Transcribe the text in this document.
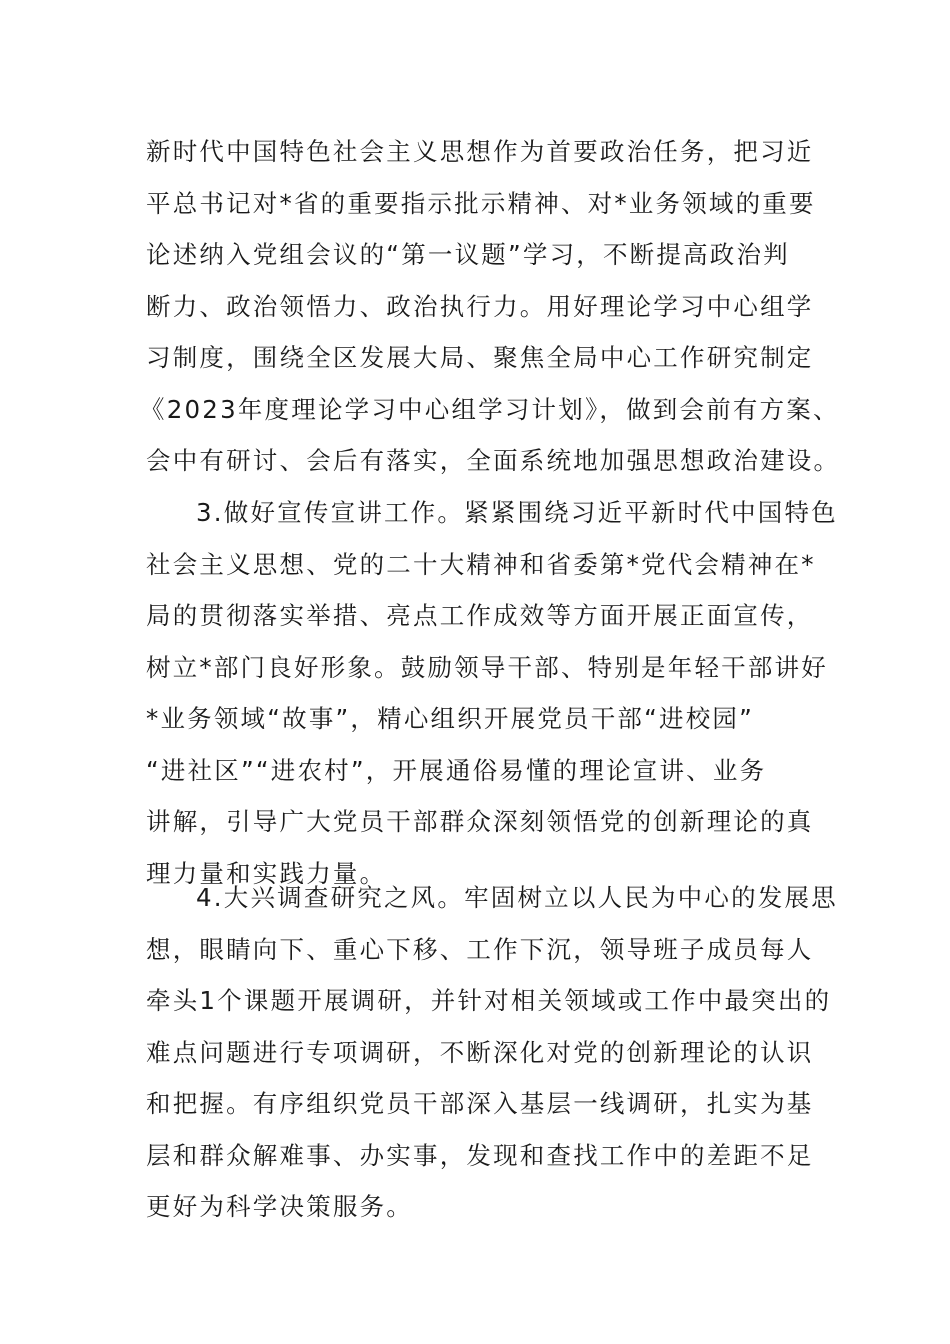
新时代中国特色社会主义思想作为首要政治任务，把习近
平总书记对*省的重要指示批示精神、对*业务领域的重要
论述纳入党组会议的“第一议题”学习，不断提高政治判
断力、政治领悟力、政治执行力。用好理论学习中心组学
习制度，围绕全区发展大局、聚焦全局中心工作研究制定
《2023年度理论学习中心组学习计划》，做到会前有方案、
会中有研讨、会后有落实，全面系统地加强思想政治建设。
3.做好宣传宣讲工作。紧紧围绕习近平新时代中国特色
社会主义思想、党的二十大精神和省委第*党代会精神在*
局的贯彻落实举措、亮点工作成效等方面开展正面宣传，
树立*部门良好形象。鼓励领导干部、特别是年轻干部讲好
*业务领域“故事”，精心组织开展党员干部“进校园”
“进社区”“进农村”，开展通俗易懂的理论宣讲、业务
讲解，引导广大党员干部群众深刻领悟党的创新理论的真
理力量和实践力量。
4.大兴调查研究之风。牢固树立以人民为中心的发展思
想，眼睛向下、重心下移、工作下沉，领导班子成员每人
牵头1个课题开展调研，并针对相关领域或工作中最突出的
难点问题进行专项调研，不断深化对党的创新理论的认识
和把握。有序组织党员干部深入基层一线调研，扎实为基
层和群众解难事、办实事，发现和查找工作中的差距不足
更好为科学决策服务。
